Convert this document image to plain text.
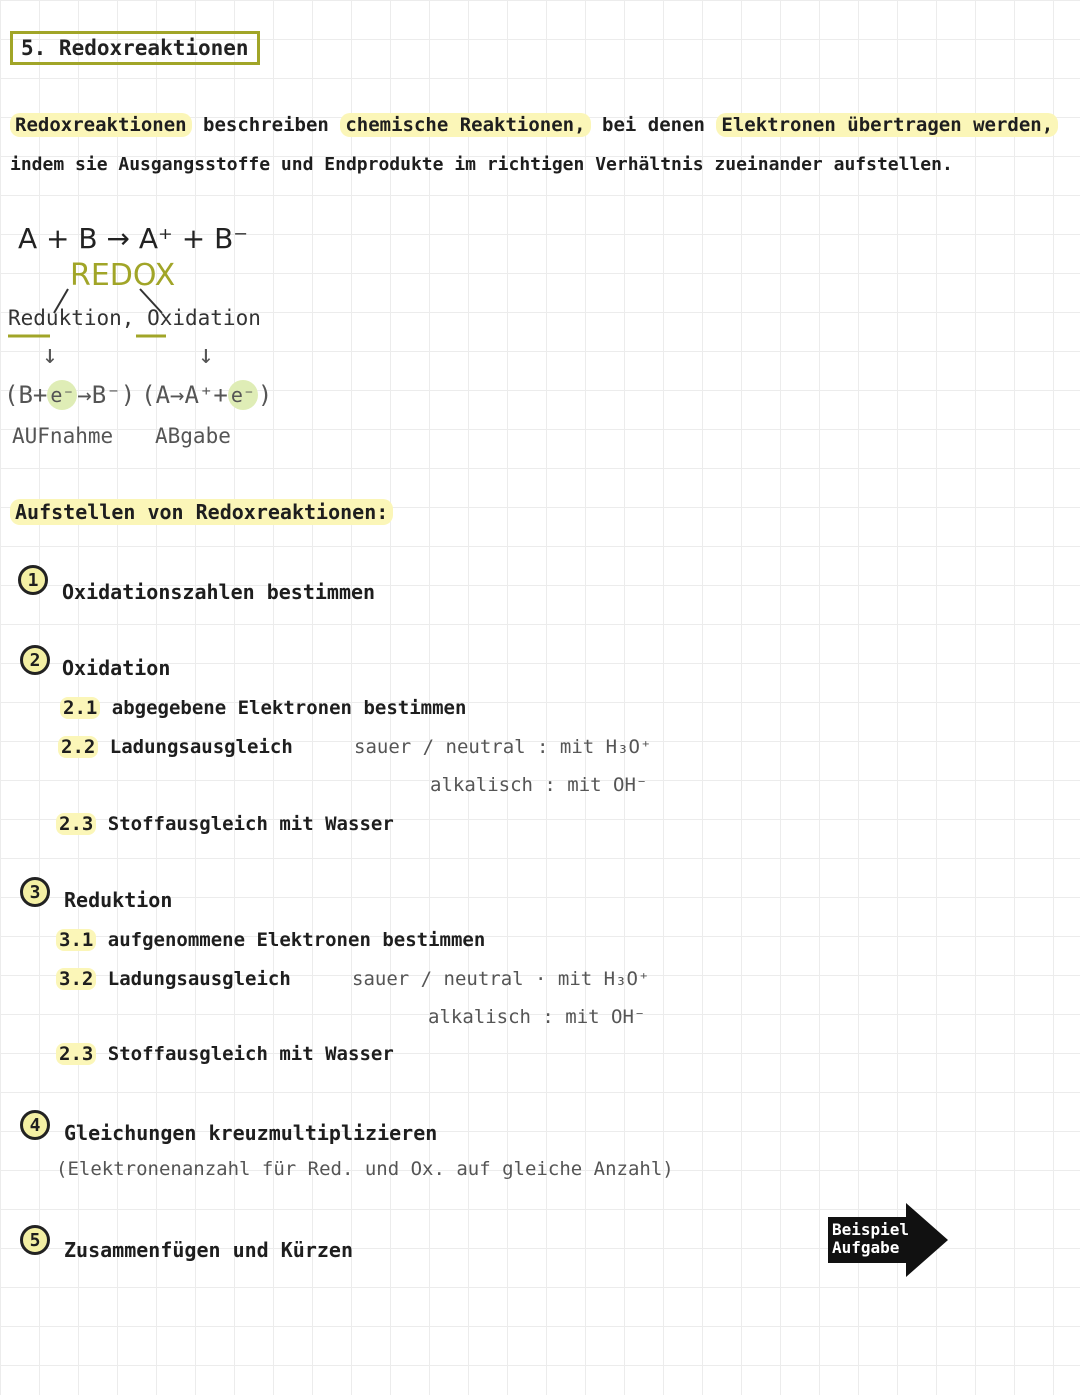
5. Redoxreaktionen
Redoxreaktionen beschreiben chemische Reaktionen, bei denen Elektronen übertragen werden,
indem sie Ausgangsstoffe und Endprodukte im richtigen Verhältnis zueinander aufstellen.
A + B → A⁺ + B⁻
REDOX
Reduktion, Oxidation
↓	↓
(B+ e⁻ →B⁻) (A→A⁺+ e⁻ )
AUFnahme ABgabe
Aufstellen von Redoxreaktionen:
1	Oxidationszahlen bestimmen
2	Oxidation
2.1 abgegebene Elektronen bestimmen
2.2 Ladungsausgleich	sauer / neutral : mit H₃O⁺
alkalisch : mit OH⁻
2.3 Stoffausgleich mit Wasser
3	Reduktion
3.1 aufgenommene Elektronen bestimmen
3.2 Ladungsausgleich	sauer / neutral · mit H₃O⁺
alkalisch : mit OH⁻
2.3 Stoffausgleich mit Wasser
4	Gleichungen kreuzmultiplizieren
(Elektronenanzahl für Red. und Ox. auf gleiche Anzahl)
5	Zusammenfügen und Kürzen
Beispiel
Aufgabe
